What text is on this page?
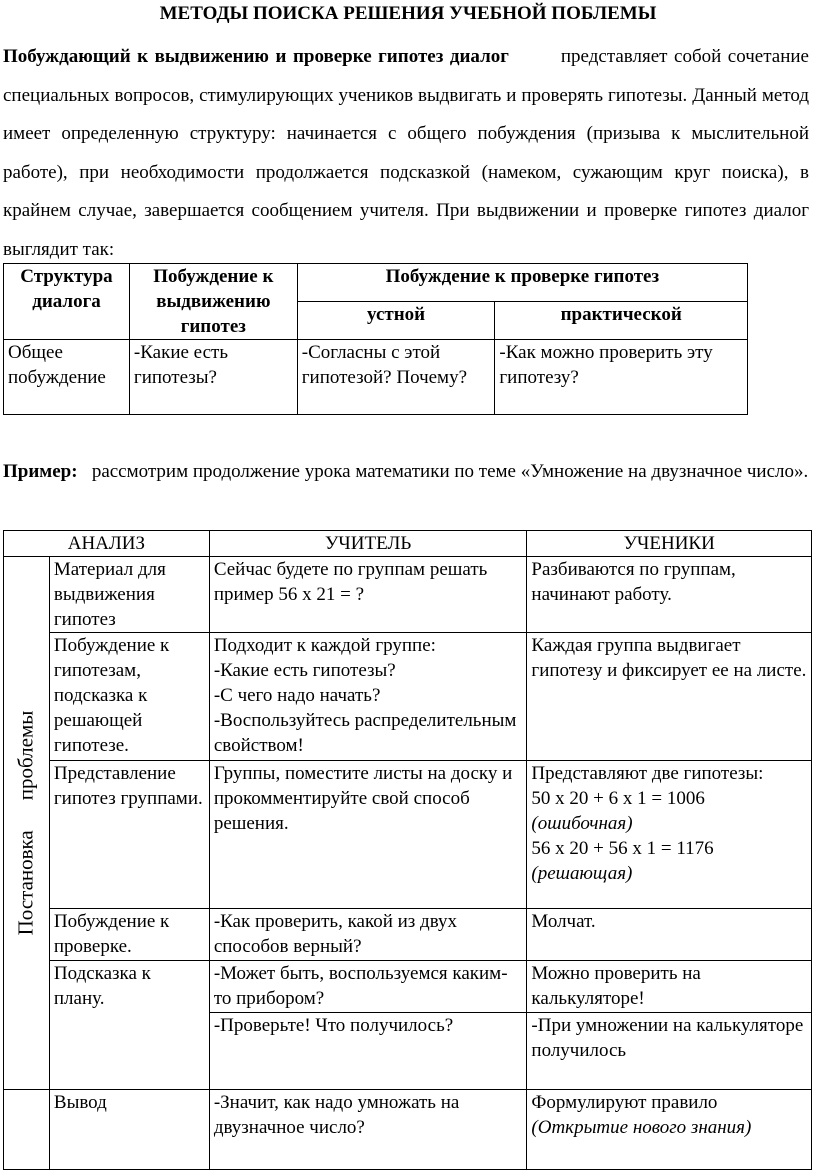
МЕТОДЫ ПОИСКА РЕШЕНИЯ УЧЕБНОЙ ПОБЛЕМЫ
Побуждающий к выдвижению и проверке гипотез диалог	представляет собой сочетание специальных вопросов, стимулирующих учеников выдвигать и проверять гипотезы. Данный метод имеет определенную структуру: начинается с общего побуждения (призыва к мыслительной работе), при необходимости продолжается подсказкой (намеком, сужающим круг поиска), в крайнем случае, завершается сообщением учителя. При выдвижении и проверке гипотез диалог выглядит так:
Структура диалога	Побуждение к выдвижению гипотез	Побуждение к проверке гипотез	
		устной	практической
Общее побуждение	-Какие есть гипотезы?	-Согласны с этой гипотезой? Почему?	-Как можно проверить эту гипотезу?
Пример: рассмотрим продолжение урока математики по теме «Умножение на двузначное число».
АНАЛИЗ		УЧИТЕЛЬ	УЧЕНИКИ

Постановкапроблемы	Материал для выдвижения гипотез	Сейчас будете по группам решать пример 56 х 21 = ?	Разбиваются по группам, начинают работу.
	Побуждение к гипотезам, подсказка к решающей гипотезе.	Подходит к каждой группе:
-Какие есть гипотезы?
-С чего надо начать?
-Воспользуйтесь распределительным свойством!	Каждая группа выдвигает гипотезу и фиксирует ее на листе.
	Представление гипотез группами.	Группы, поместите листы на доску и прокомментируйте свой способ решения.	Представляют две гипотезы:
50 х 20 + 6 х 1 = 1006
(ошибочная)
56 х 20 + 56 х 1 = 1176
(решающая)

	Побуждение к проверке.	-Как проверить, какой из двух способов верный?	Молчат.
	Подсказка к плану.	-Может быть, воспользуемся каким-то прибором?	Можно проверить на калькуляторе!
		-Проверьте! Что получилось?	-При умножении на калькуляторе получилось
	Вывод	-Значит, как надо умножать на двузначное число?	Формулируют правило
(Открытие нового знания)
